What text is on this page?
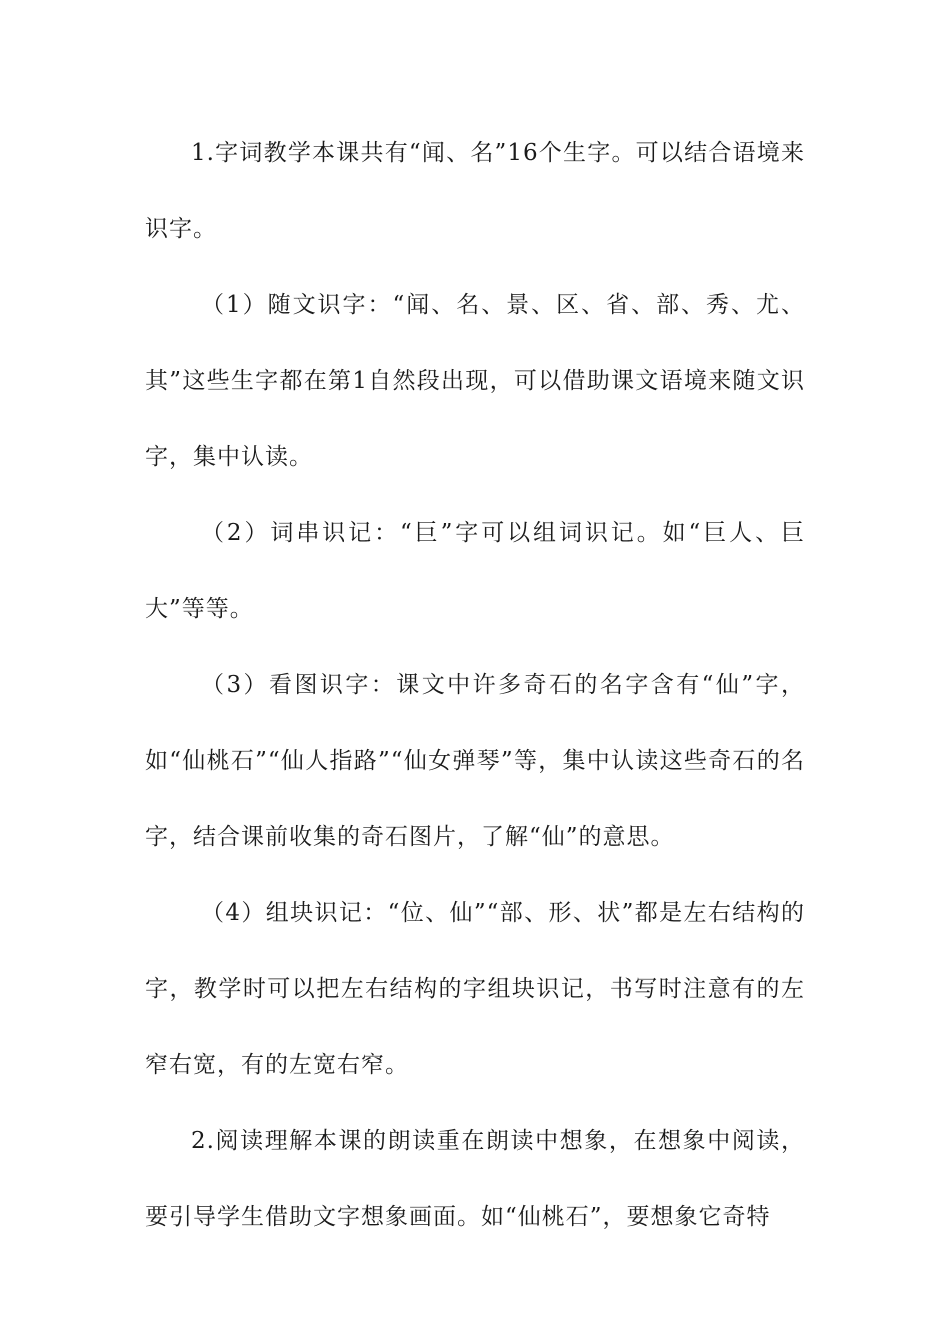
1.字词教学本课共有“闻、名”16个生字。可以结合语境来识字。

（1）随文识字：“闻、名、景、区、省、部、秀、尤、其”这些生字都在第1自然段出现，可以借助课文语境来随文识字，集中认读。

（2）词串识记：“巨”字可以组词识记。如“巨人、巨大”等等。

（3）看图识字：课文中许多奇石的名字含有“仙”字，如“仙桃石”“仙人指路”“仙女弹琴”等，集中认读这些奇石的名字，结合课前收集的奇石图片，了解“仙”的意思。

（4）组块识记：“位、仙”“部、形、状”都是左右结构的字，教学时可以把左右结构的字组块识记，书写时注意有的左窄右宽，有的左宽右窄。

2.阅读理解本课的朗读重在朗读中想象，在想象中阅读，要引导学生借助文字想象画面。如“仙桃石”，要想象它奇特
